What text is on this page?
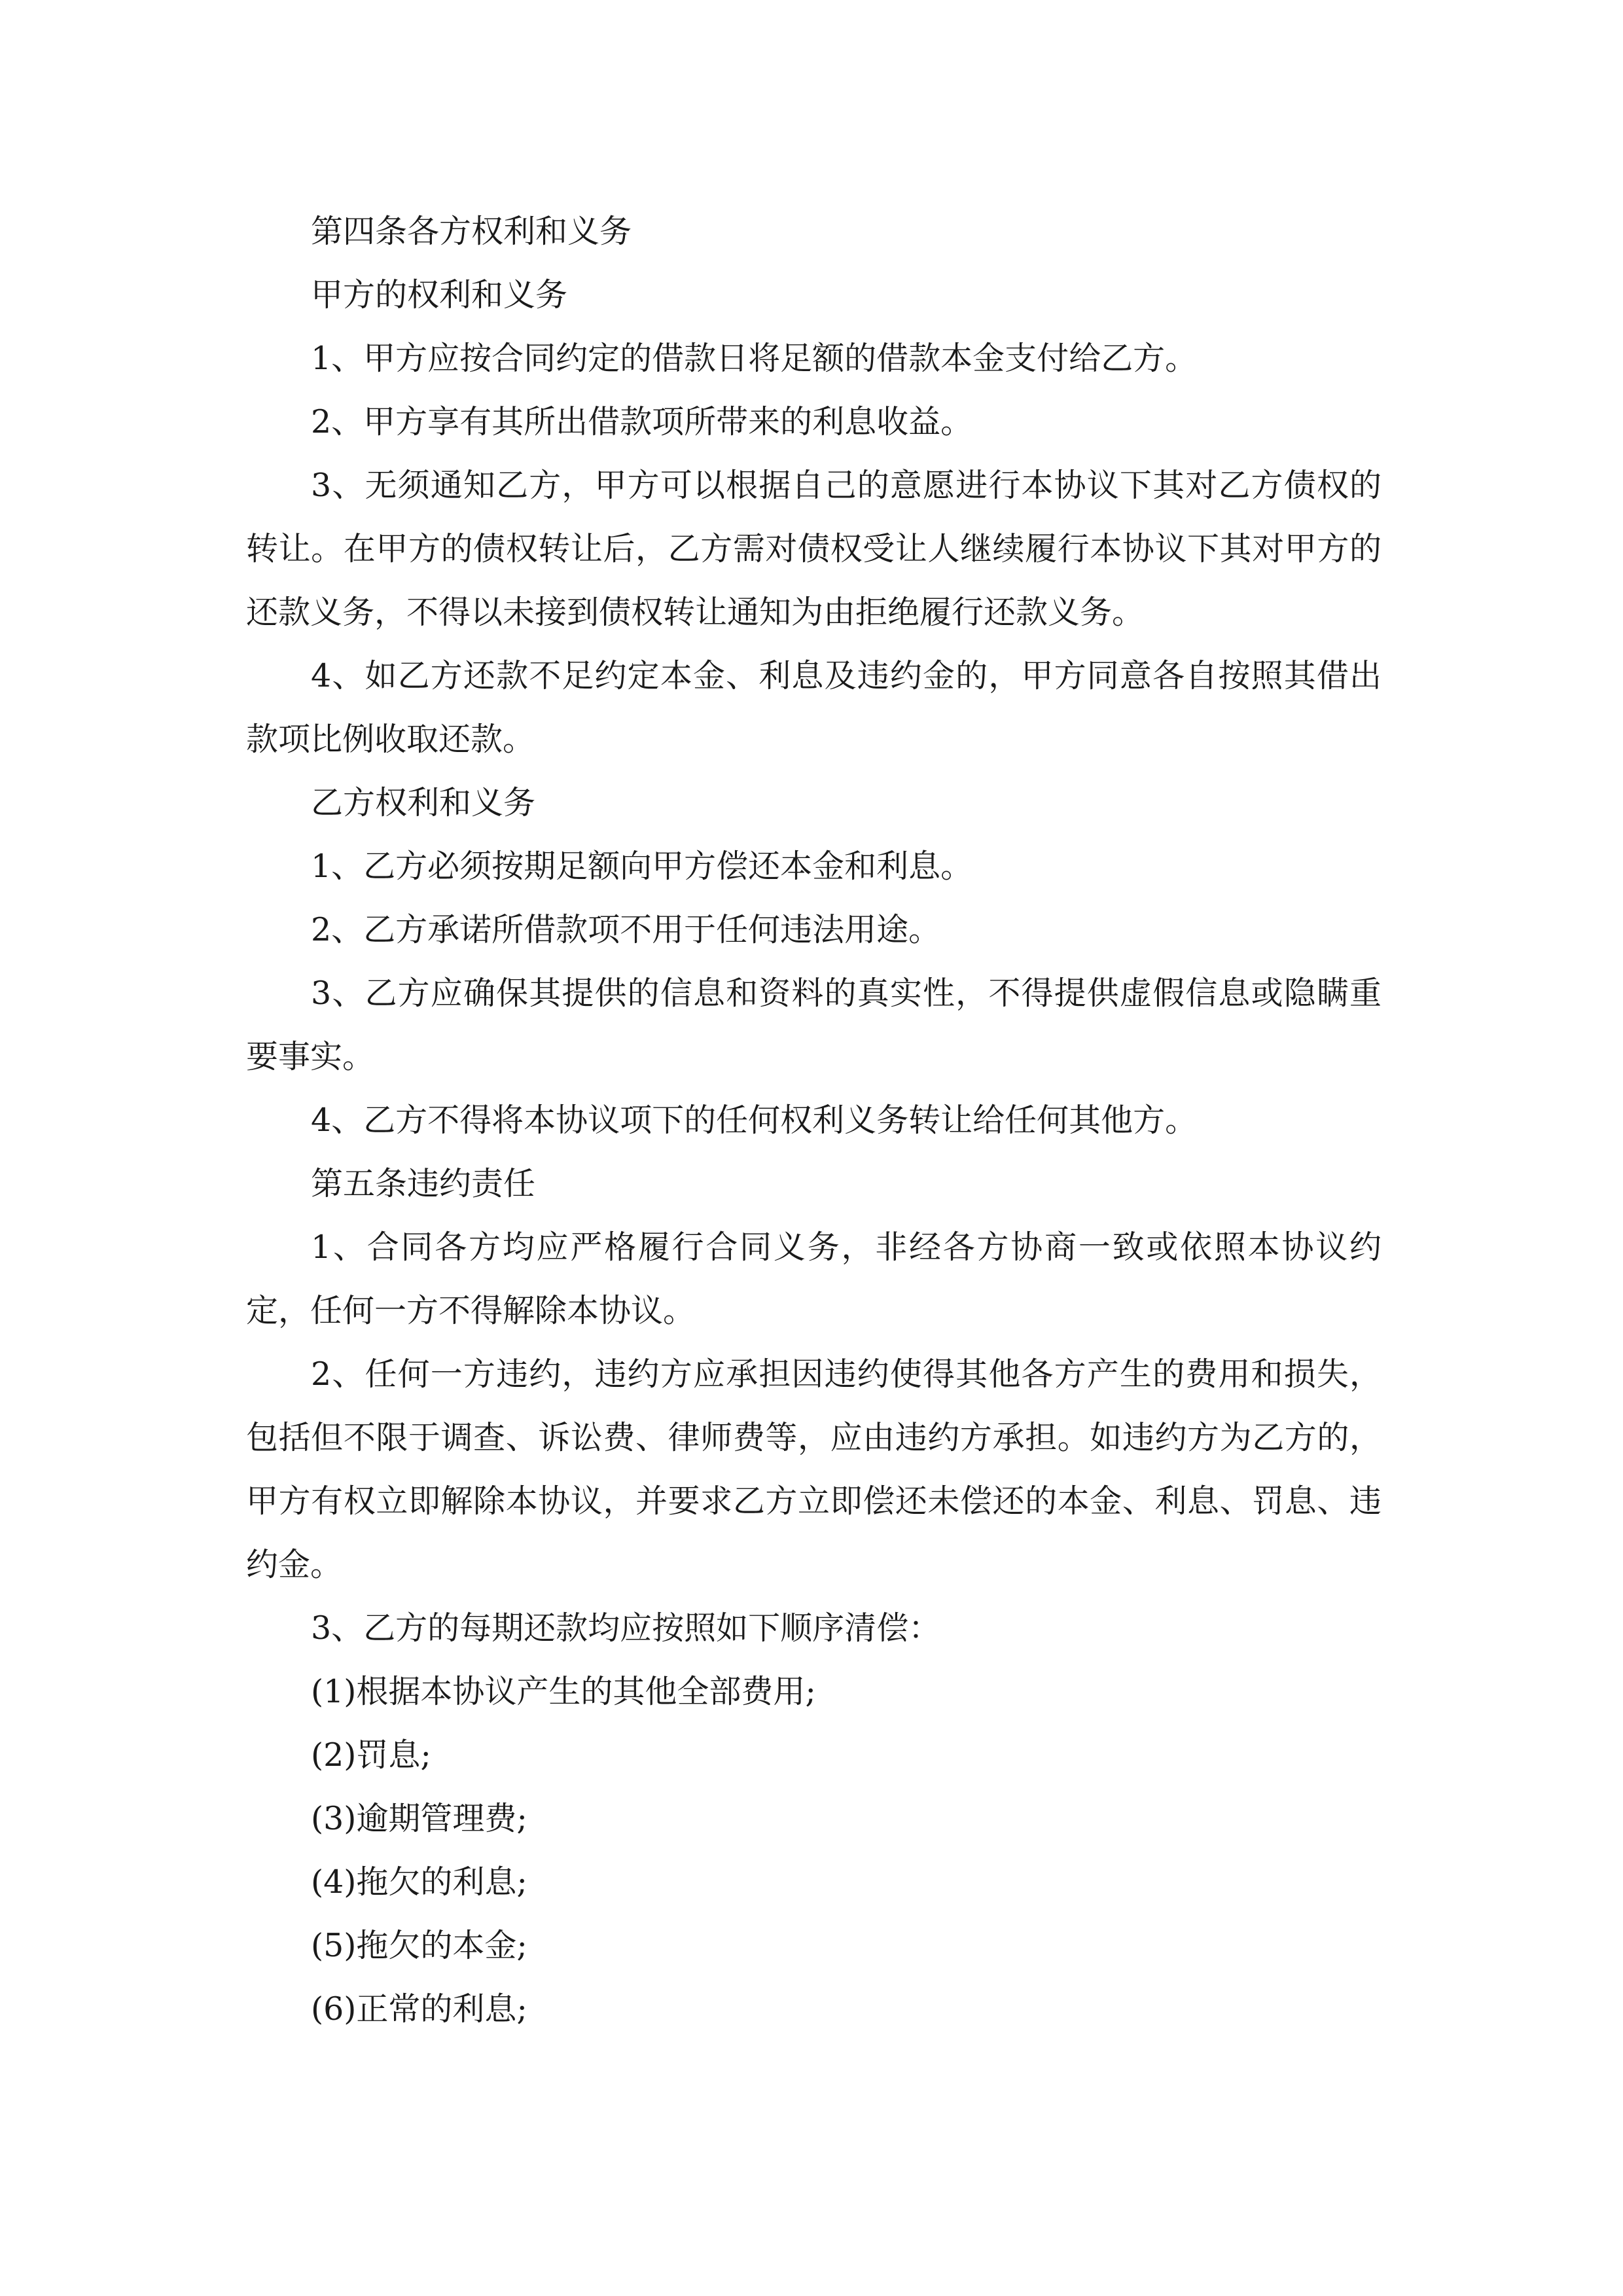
第四条各方权利和义务

甲方的权利和义务

1、甲方应按合同约定的借款日将足额的借款本金支付给乙方。

2、甲方享有其所出借款项所带来的利息收益。

3、无须通知乙方，甲方可以根据自己的意愿进行本协议下其对乙方债权的转让。在甲方的债权转让后，乙方需对债权受让人继续履行本协议下其对甲方的还款义务，不得以未接到债权转让通知为由拒绝履行还款义务。

4、如乙方还款不足约定本金、利息及违约金的，甲方同意各自按照其借出款项比例收取还款。

乙方权利和义务

1、乙方必须按期足额向甲方偿还本金和利息。

2、乙方承诺所借款项不用于任何违法用途。

3、乙方应确保其提供的信息和资料的真实性，不得提供虚假信息或隐瞒重要事实。

4、乙方不得将本协议项下的任何权利义务转让给任何其他方。

第五条违约责任

1、合同各方均应严格履行合同义务，非经各方协商一致或依照本协议约定，任何一方不得解除本协议。

2、任何一方违约，违约方应承担因违约使得其他各方产生的费用和损失，包括但不限于调查、诉讼费、律师费等，应由违约方承担。如违约方为乙方的，甲方有权立即解除本协议，并要求乙方立即偿还未偿还的本金、利息、罚息、违约金。

3、乙方的每期还款均应按照如下顺序清偿：

(1)根据本协议产生的其他全部费用;

(2)罚息;

(3)逾期管理费;

(4)拖欠的利息;

(5)拖欠的本金;

(6)正常的利息;
